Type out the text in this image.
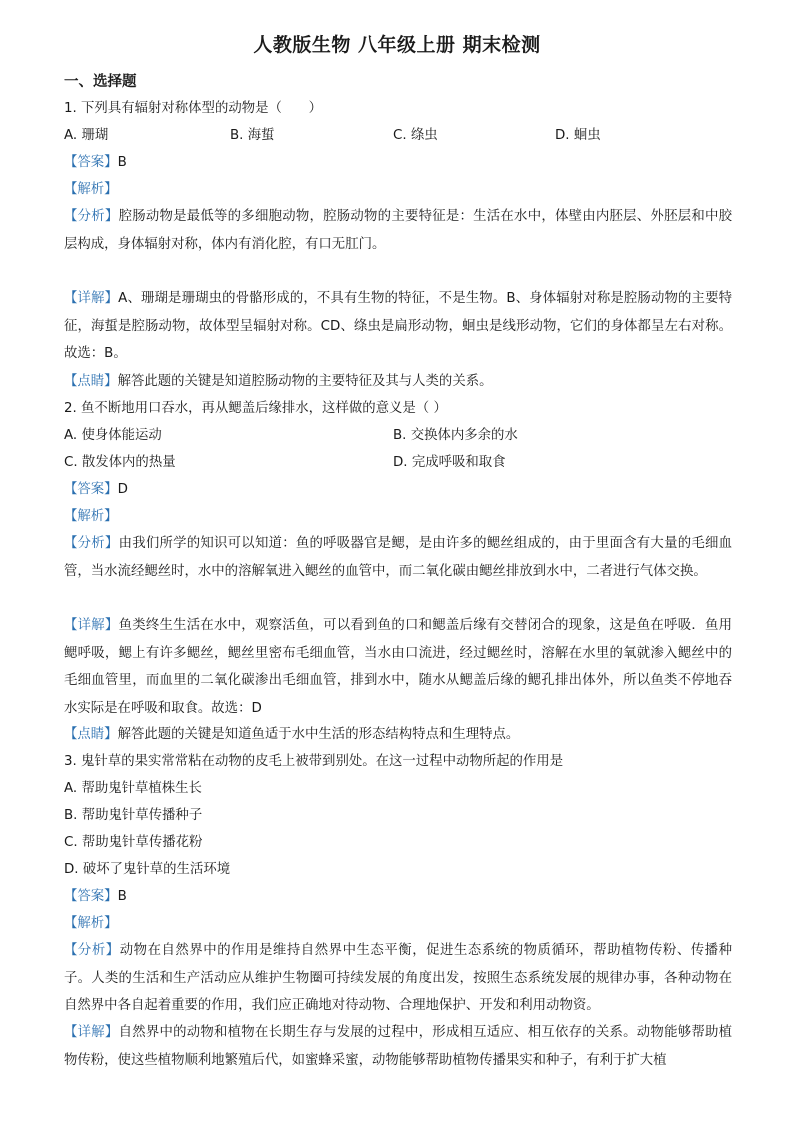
人教版生物 八年级上册 期末检测
一、选择题
1. 下列具有辐射对称体型的动物是（　　）
A. 珊瑚	B. 海蜇	C. 绦虫	D. 蛔虫
【答案】B
【解析】
【分析】腔肠动物是最低等的多细胞动物，腔肠动物的主要特征是：生活在水中，体壁由内胚层、外胚层和中胶层构成，身体辐射对称，体内有消化腔，有口无肛门。
【详解】A、珊瑚是珊瑚虫的骨骼形成的，不具有生物的特征，不是生物。B、身体辐射对称是腔肠动物的主要特征，海蜇是腔肠动物，故体型呈辐射对称。CD、绦虫是扁形动物，蛔虫是线形动物，它们的身体都呈左右对称。故选：B。
【点睛】解答此题的关键是知道腔肠动物的主要特征及其与人类的关系。
2. 鱼不断地用口吞水，再从鳃盖后缘排水，这样做的意义是（ ）
A. 使身体能运动	B. 交换体内多余的水
C. 散发体内的热量	D. 完成呼吸和取食
【答案】D
【解析】
【分析】由我们所学的知识可以知道：鱼的呼吸器官是鳃，是由许多的鳃丝组成的，由于里面含有大量的毛细血管，当水流经鳃丝时，水中的溶解氧进入鳃丝的血管中，而二氧化碳由鳃丝排放到水中，二者进行气体交换。
【详解】鱼类终生生活在水中，观察活鱼，可以看到鱼的口和鳃盖后缘有交替闭合的现象，这是鱼在呼吸．鱼用鳃呼吸，鳃上有许多鳃丝，鳃丝里密布毛细血管，当水由口流进，经过鳃丝时，溶解在水里的氧就渗入鳃丝中的毛细血管里，而血里的二氧化碳渗出毛细血管，排到水中，随水从鳃盖后缘的鳃孔排出体外，所以鱼类不停地吞水实际是在呼吸和取食。故选：D
【点睛】解答此题的关键是知道鱼适于水中生活的形态结构特点和生理特点。
3. 鬼针草的果实常常粘在动物的皮毛上被带到别处。在这一过程中动物所起的作用是
A. 帮助鬼针草植株生长
B. 帮助鬼针草传播种子
C. 帮助鬼针草传播花粉
D. 破坏了鬼针草的生活环境
【答案】B
【解析】
【分析】动物在自然界中的作用是维持自然界中生态平衡，促进生态系统的物质循环，帮助植物传粉、传播种子。人类的生活和生产活动应从维护生物圈可持续发展的角度出发，按照生态系统发展的规律办事，各种动物在自然界中各自起着重要的作用，我们应正确地对待动物、合理地保护、开发和利用动物资。
【详解】自然界中的动物和植物在长期生存与发展的过程中，形成相互适应、相互依存的关系。动物能够帮助植物传粉，使这些植物顺利地繁殖后代，如蜜蜂采蜜，动物能够帮助植物传播果实和种子，有利于扩大植
